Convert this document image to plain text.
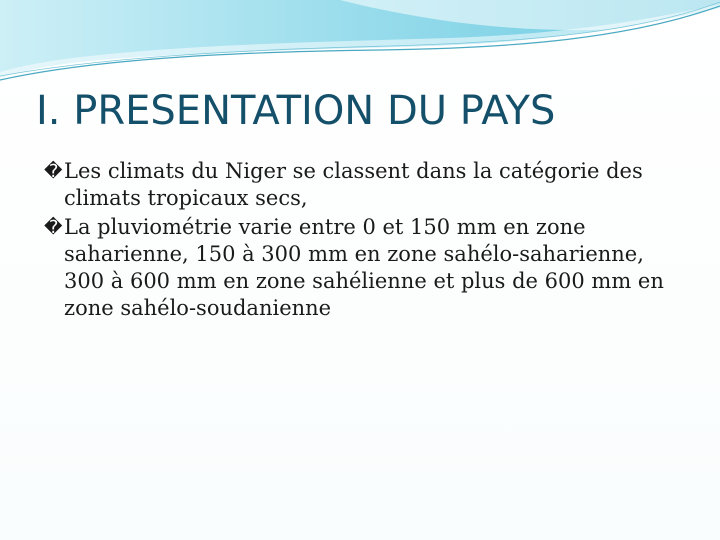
I. PRESENTATION DU PAYS
� Les climats du Niger se classent dans la catégorie des climats tropicaux secs,
� La pluviométrie varie entre 0 et 150 mm en zone saharienne, 150 à 300 mm en zone sahélo-saharienne, 300 à 600 mm en zone sahélienne et plus de 600 mm en zone sahélo-soudanienne
